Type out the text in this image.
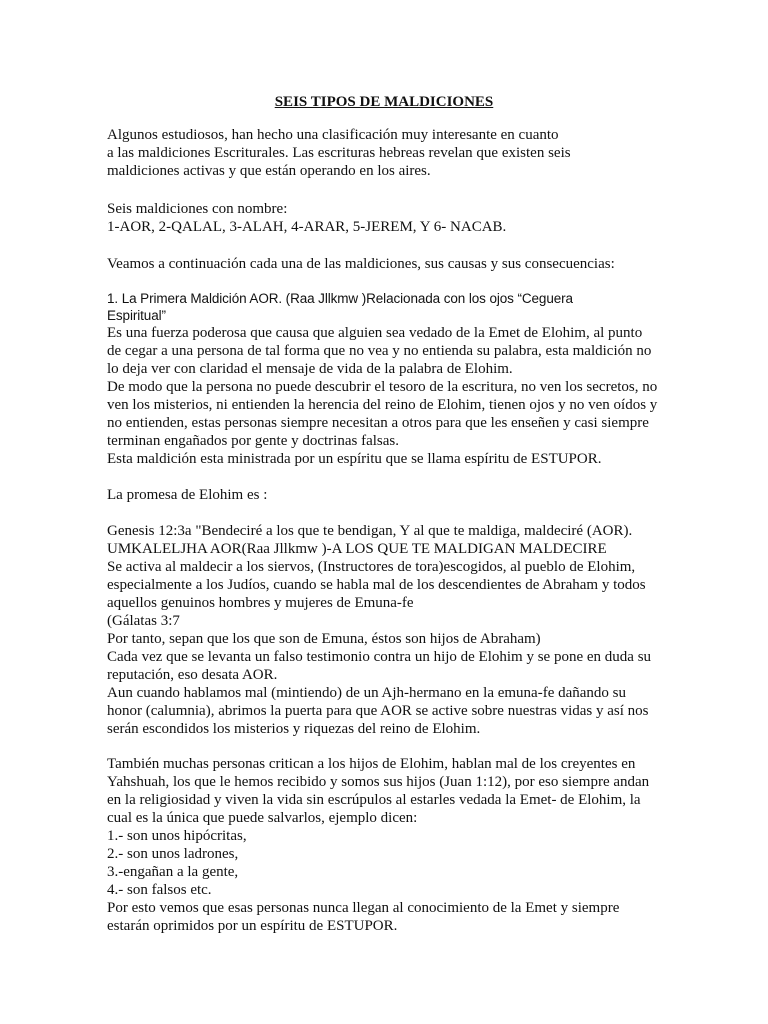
SEIS TIPOS DE MALDICIONES
Algunos estudiosos, han hecho una clasificación muy interesante en cuanto
a las maldiciones Escriturales. Las escrituras hebreas revelan que existen seis
maldiciones activas y que están operando en los aires.
Seis maldiciones con nombre:
1-AOR, 2-QALAL, 3-ALAH, 4-ARAR, 5-JEREM, Y 6- NACAB.
Veamos a continuación cada una de las maldiciones, sus causas y sus consecuencias:
1. La Primera Maldición AOR. (Raa Jllkmw )Relacionada con los ojos “Ceguera
Espiritual”
Es una fuerza poderosa que causa que alguien sea vedado de la Emet de Elohim, al punto
de cegar a una persona de tal forma que no vea y no entienda su palabra, esta maldición no
lo deja ver con claridad el mensaje de vida de la palabra de Elohim.
De modo que la persona no puede descubrir el tesoro de la escritura, no ven los secretos, no
ven los misterios, ni entienden la herencia del reino de Elohim, tienen ojos y no ven oídos y
no entienden, estas personas siempre necesitan a otros para que les enseñen y casi siempre
terminan engañados por gente y doctrinas falsas.
Esta maldición esta ministrada por un espíritu que se llama espíritu de ESTUPOR.
La promesa de Elohim es :
Genesis 12:3a "Bendeciré a los que te bendigan, Y al que te maldiga, maldeciré (AOR).
UMKALELJHA AOR(Raa Jllkmw )-A LOS QUE TE MALDIGAN MALDECIRE
Se activa al maldecir a los siervos, (Instructores de tora)escogidos, al pueblo de Elohim,
especialmente a los Judíos, cuando se habla mal de los descendientes de Abraham y todos
aquellos genuinos hombres y mujeres de Emuna-fe
(Gálatas 3:7
Por tanto, sepan que los que son de Emuna, éstos son hijos de Abraham)
Cada vez que se levanta un falso testimonio contra un hijo de Elohim y se pone en duda su
reputación, eso desata AOR.
Aun cuando hablamos mal (mintiendo) de un Ajh-hermano en la emuna-fe dañando su
honor (calumnia), abrimos la puerta para que AOR se active sobre nuestras vidas y así nos
serán escondidos los misterios y riquezas del reino de Elohim.
También muchas personas critican a los hijos de Elohim, hablan mal de los creyentes en
Yahshuah, los que le hemos recibido y somos sus hijos (Juan 1:12), por eso siempre andan
en la religiosidad y viven la vida sin escrúpulos al estarles vedada la Emet- de Elohim, la
cual es la única que puede salvarlos, ejemplo dicen:
1.- son unos hipócritas,
2.- son unos ladrones,
3.-engañan a la gente,
4.- son falsos etc.
Por esto vemos que esas personas nunca llegan al conocimiento de la Emet y siempre
estarán oprimidos por un espíritu de ESTUPOR.
